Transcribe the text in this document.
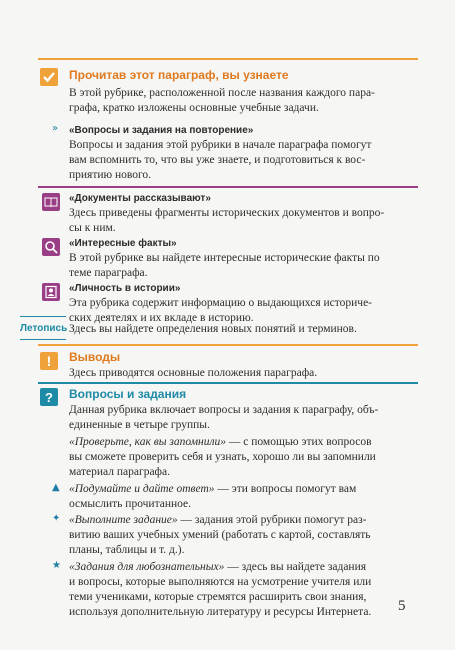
Прочитав этот параграф, вы узнаете
В этой рубрике, расположенной после названия каждого пара-
графа, кратко изложены основные учебные задачи.
» «Вопросы и задания на повторение»
Вопросы и задания этой рубрики в начале параграфа помогут
вам вспомнить то, что вы уже знаете, и подготовиться к вос-
приятию нового.
«Документы рассказывают»
Здесь приведены фрагменты исторических документов и вопро-
сы к ним.
«Интересные факты»
В этой рубрике вы найдете интересные исторические факты по
теме параграфа.
«Личность в истории»
Эта рубрика содержит информацию о выдающихся историче-
ских деятелях и их вкладе в историю.
Летопись Здесь вы найдете определения новых понятий и терминов.
! Выводы
Здесь приводятся основные положения параграфа.
? Вопросы и задания
Данная рубрика включает вопросы и задания к параграфу, объ-
единенные в четыре группы.
«Проверьте, как вы запомнили» — с помощью этих вопросов
вы сможете проверить себя и узнать, хорошо ли вы запомнили
материал параграфа.
▲ «Подумайте и дайте ответ» — эти вопросы помогут вам
осмыслить прочитанное.
✦ «Выполните задание» — задания этой рубрики помогут раз-
витию ваших учебных умений (работать с картой, составлять
планы, таблицы и т. д.).
★ «Задания для любознательных» — здесь вы найдете задания
и вопросы, которые выполняются на усмотрение учителя или
теми учениками, которые стремятся расширить свои знания,
используя дополнительную литературу и ресурсы Интернета. 5
